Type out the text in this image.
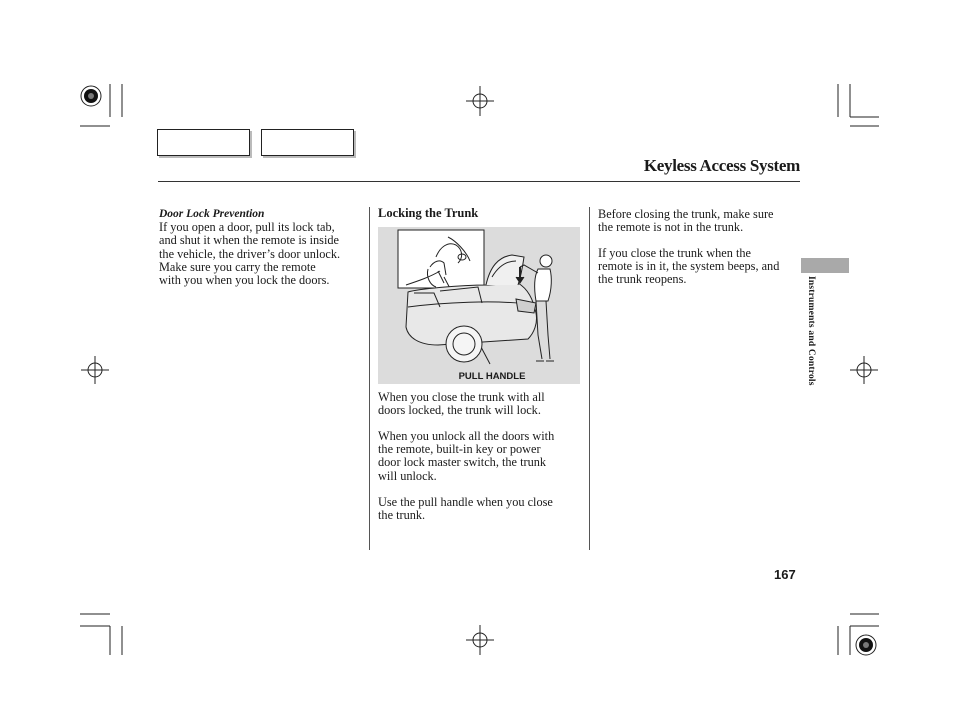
Keyless Access System
Door Lock Prevention
If you open a door, pull its lock tab,
and shut it when the remote is inside
the vehicle, the driver’s door unlock.
Make sure you carry the remote
with you when you lock the doors.
Locking the Trunk
PULL HANDLE
When you close the trunk with all
doors locked, the trunk will lock.
When you unlock all the doors with
the remote, built-in key or power
door lock master switch, the trunk
will unlock.
Use the pull handle when you close
the trunk.
Before closing the trunk, make sure
the remote is not in the trunk.
If you close the trunk when the
remote is in it, the system beeps, and
the trunk reopens.	Instruments and Controls
167
